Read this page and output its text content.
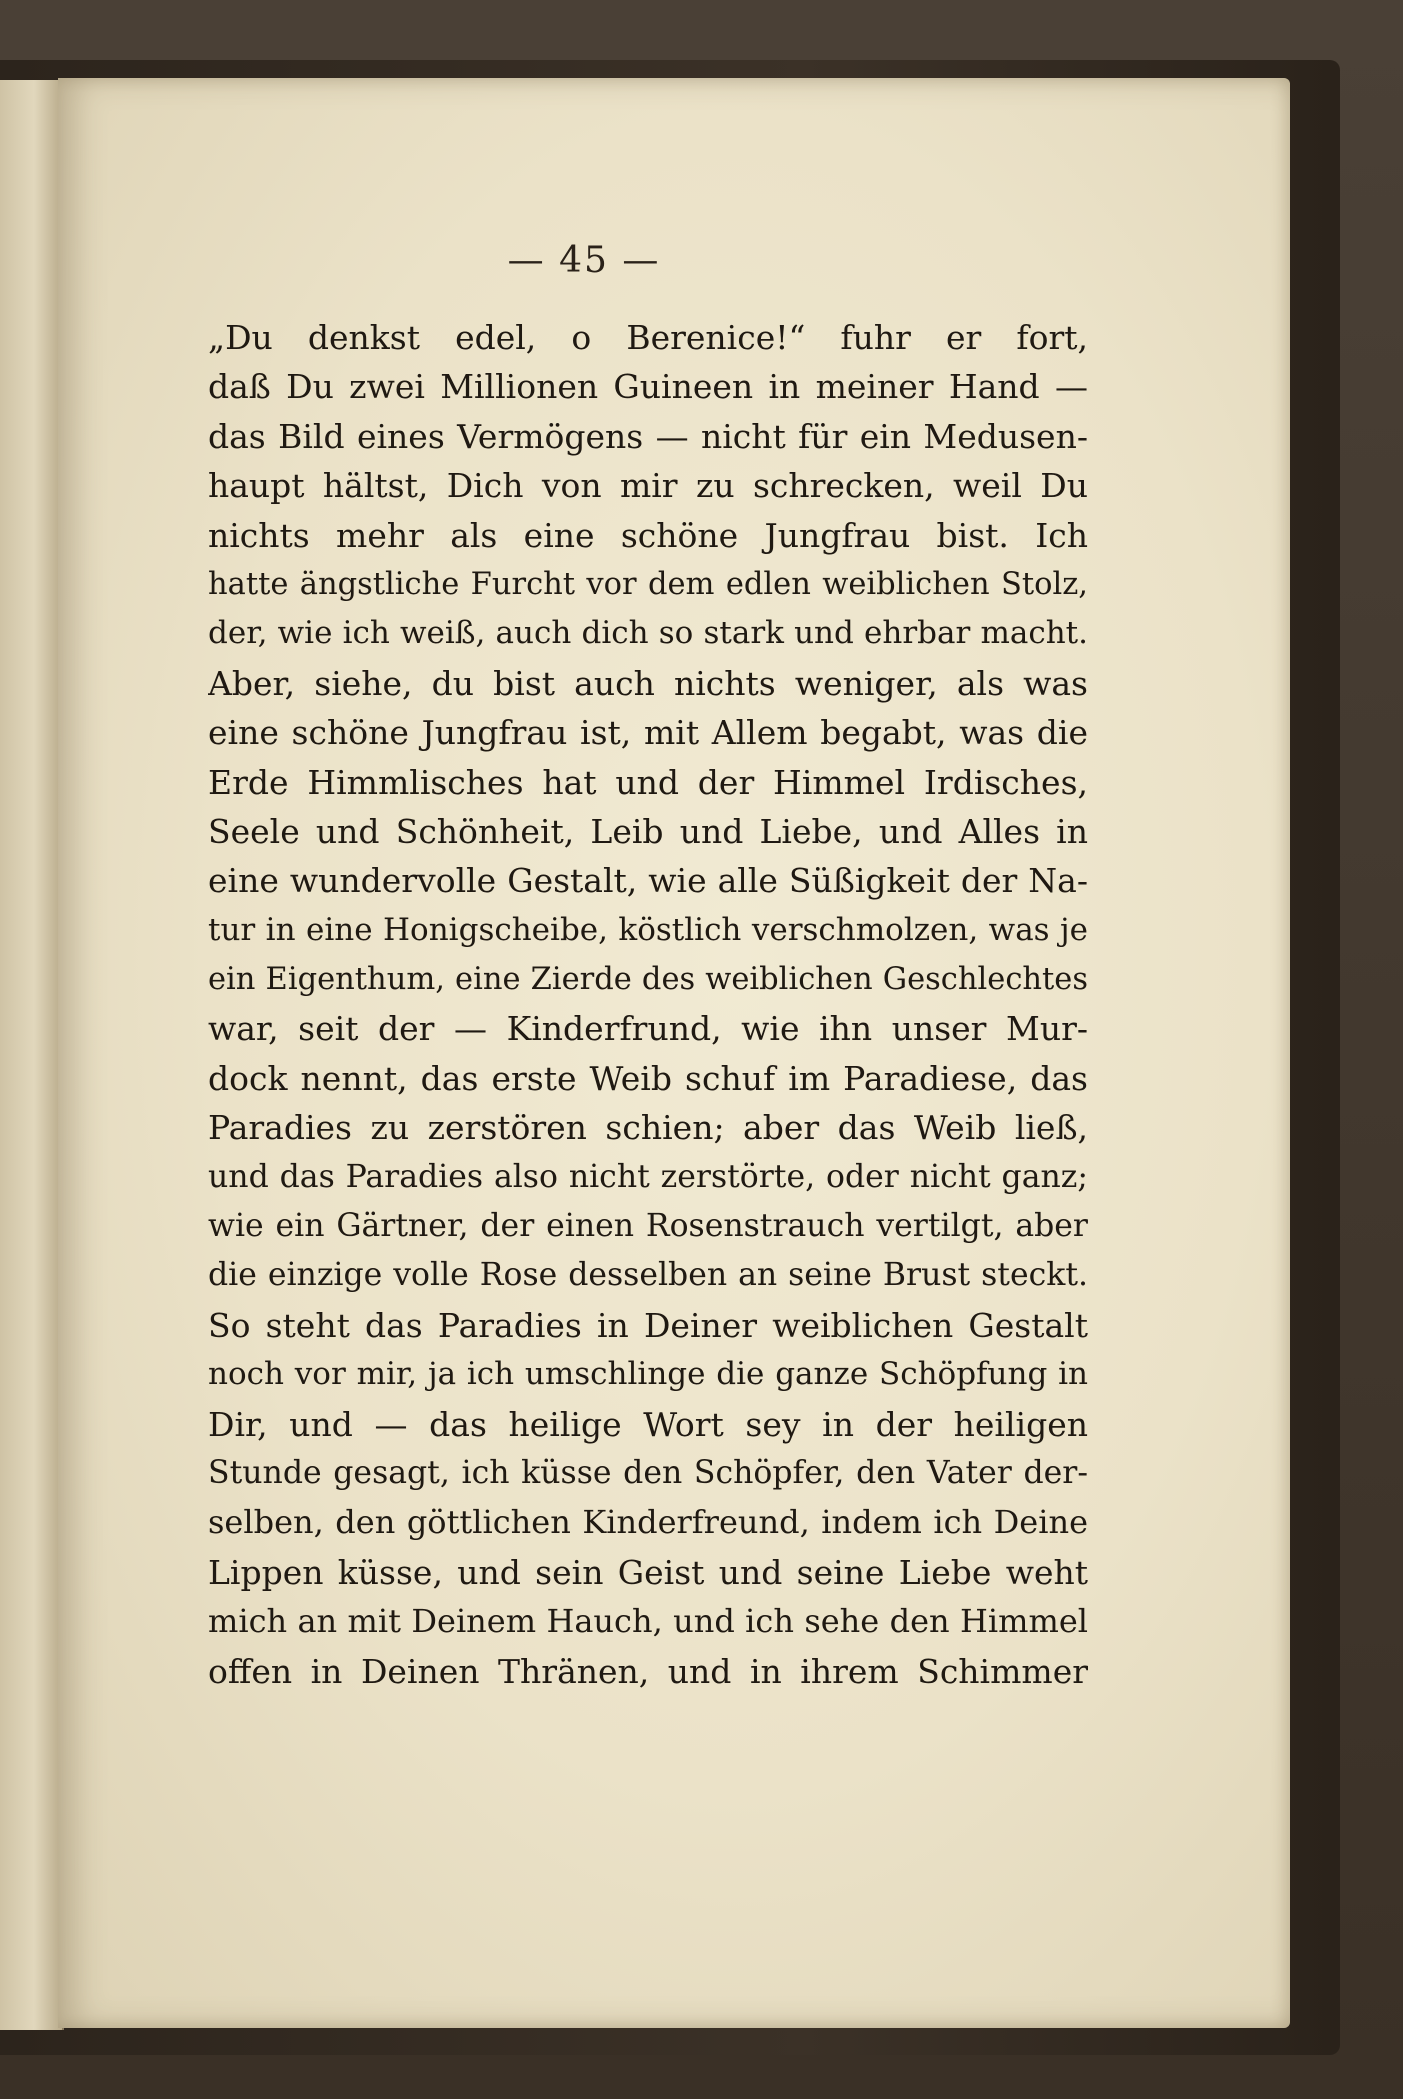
— 45 —
„Du denkst edel, o Berenice!“ fuhr er fort,
daß Du zwei Millionen Guineen in meiner Hand —
das Bild eines Vermögens — nicht für ein Medusen-
haupt hältst, Dich von mir zu schrecken, weil Du
nichts mehr als eine schöne Jungfrau bist. Ich
hatte ängstliche Furcht vor dem edlen weiblichen Stolz,
der, wie ich weiß, auch dich so stark und ehrbar macht.
Aber, siehe, du bist auch nichts weniger, als was
eine schöne Jungfrau ist, mit Allem begabt, was die
Erde Himmlisches hat und der Himmel Irdisches,
Seele und Schönheit, Leib und Liebe, und Alles in
eine wundervolle Gestalt, wie alle Süßigkeit der Na-
tur in eine Honigscheibe, köstlich verschmolzen, was je
ein Eigenthum, eine Zierde des weiblichen Geschlechtes
war, seit der — Kinderfrund, wie ihn unser Mur-
dock nennt, das erste Weib schuf im Paradiese, das
Paradies zu zerstören schien; aber das Weib ließ,
und das Paradies also nicht zerstörte, oder nicht ganz;
wie ein Gärtner, der einen Rosenstrauch vertilgt, aber
die einzige volle Rose desselben an seine Brust steckt.
So steht das Paradies in Deiner weiblichen Gestalt
noch vor mir, ja ich umschlinge die ganze Schöpfung in
Dir, und — das heilige Wort sey in der heiligen
Stunde gesagt, ich küsse den Schöpfer, den Vater der-
selben, den göttlichen Kinderfreund, indem ich Deine
Lippen küsse, und sein Geist und seine Liebe weht
mich an mit Deinem Hauch, und ich sehe den Himmel
offen in Deinen Thränen, und in ihrem Schimmer
